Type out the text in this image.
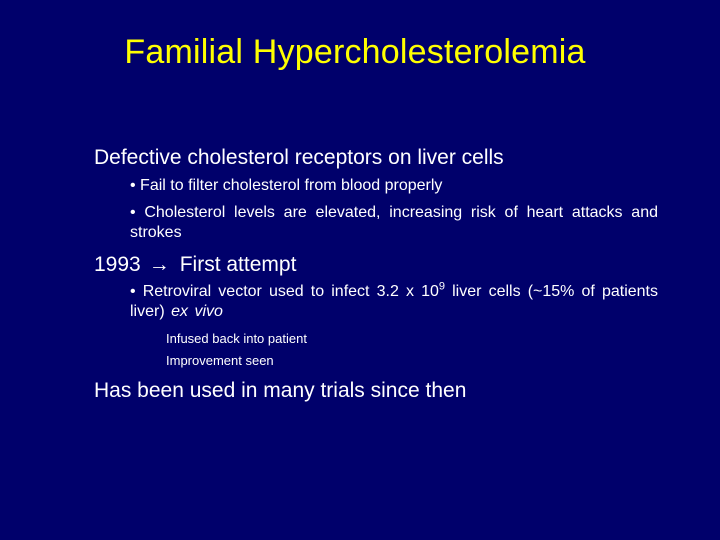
Familial Hypercholesterolemia

Defective cholesterol receptors on liver cells

• Fail to filter cholesterol from blood properly

• Cholesterol levels are elevated, increasing risk of heart attacks and strokes

1993 → First attempt

• Retroviral vector used to infect 3.2 x $10^9$ liver cells (~15% of patients liver) ex vivo

Infused back into patient

Improvement seen

Has been used in many trials since then
